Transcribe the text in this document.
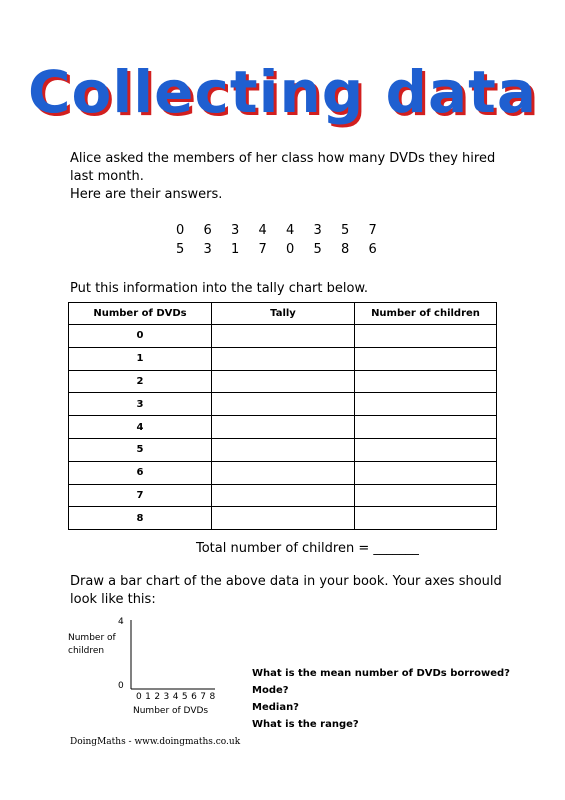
Collecting data
Alice asked the members of her class how many DVDs they hired
last month.
Here are their answers.
0 6 3 4 4 3 5 7
5 3 1 7 0 5 8 6
Put this information into the tally chart below.
Number of DVDs	Tally	Number of children
0		
1		
2		
3		
4		
5		
6		
7		
8		
Total number of children = _______
Draw a bar chart of the above data in your book. Your axes should
look like this:
Number of
children
4
0
0 1 2 3 4 5 6 7 8
Number of DVDs
What is the mean number of DVDs borrowed?
Mode?
Median?
What is the range?
DoingMaths - www.doingmaths.co.uk
